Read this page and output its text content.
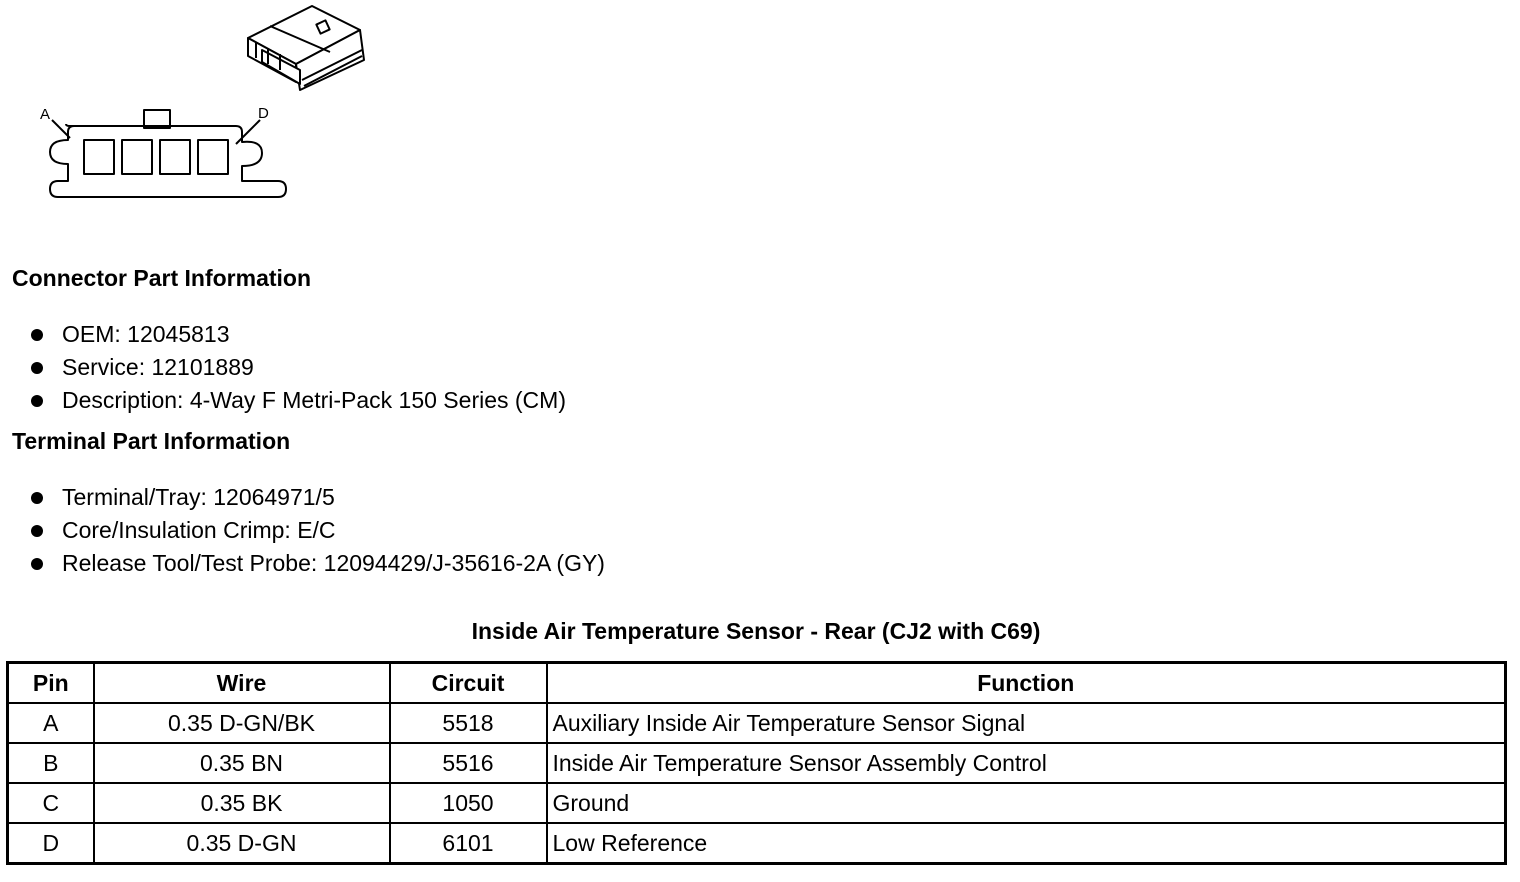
A	D
Connector Part Information
OEM: 12045813
Service: 12101889
Description: 4-Way F Metri-Pack 150 Series (CM)
Terminal Part Information
Terminal/Tray: 12064971/5
Core/Insulation Crimp: E/C
Release Tool/Test Probe: 12094429/J-35616-2A (GY)
Inside Air Temperature Sensor - Rear (CJ2 with C69)
Pin	Wire	Circuit	Function
A	0.35 D-GN/BK	5518	Auxiliary Inside Air Temperature Sensor Signal
B	0.35 BN	5516	Inside Air Temperature Sensor Assembly Control
C	0.35 BK	1050	Ground
D	0.35 D-GN	6101	Low Reference
